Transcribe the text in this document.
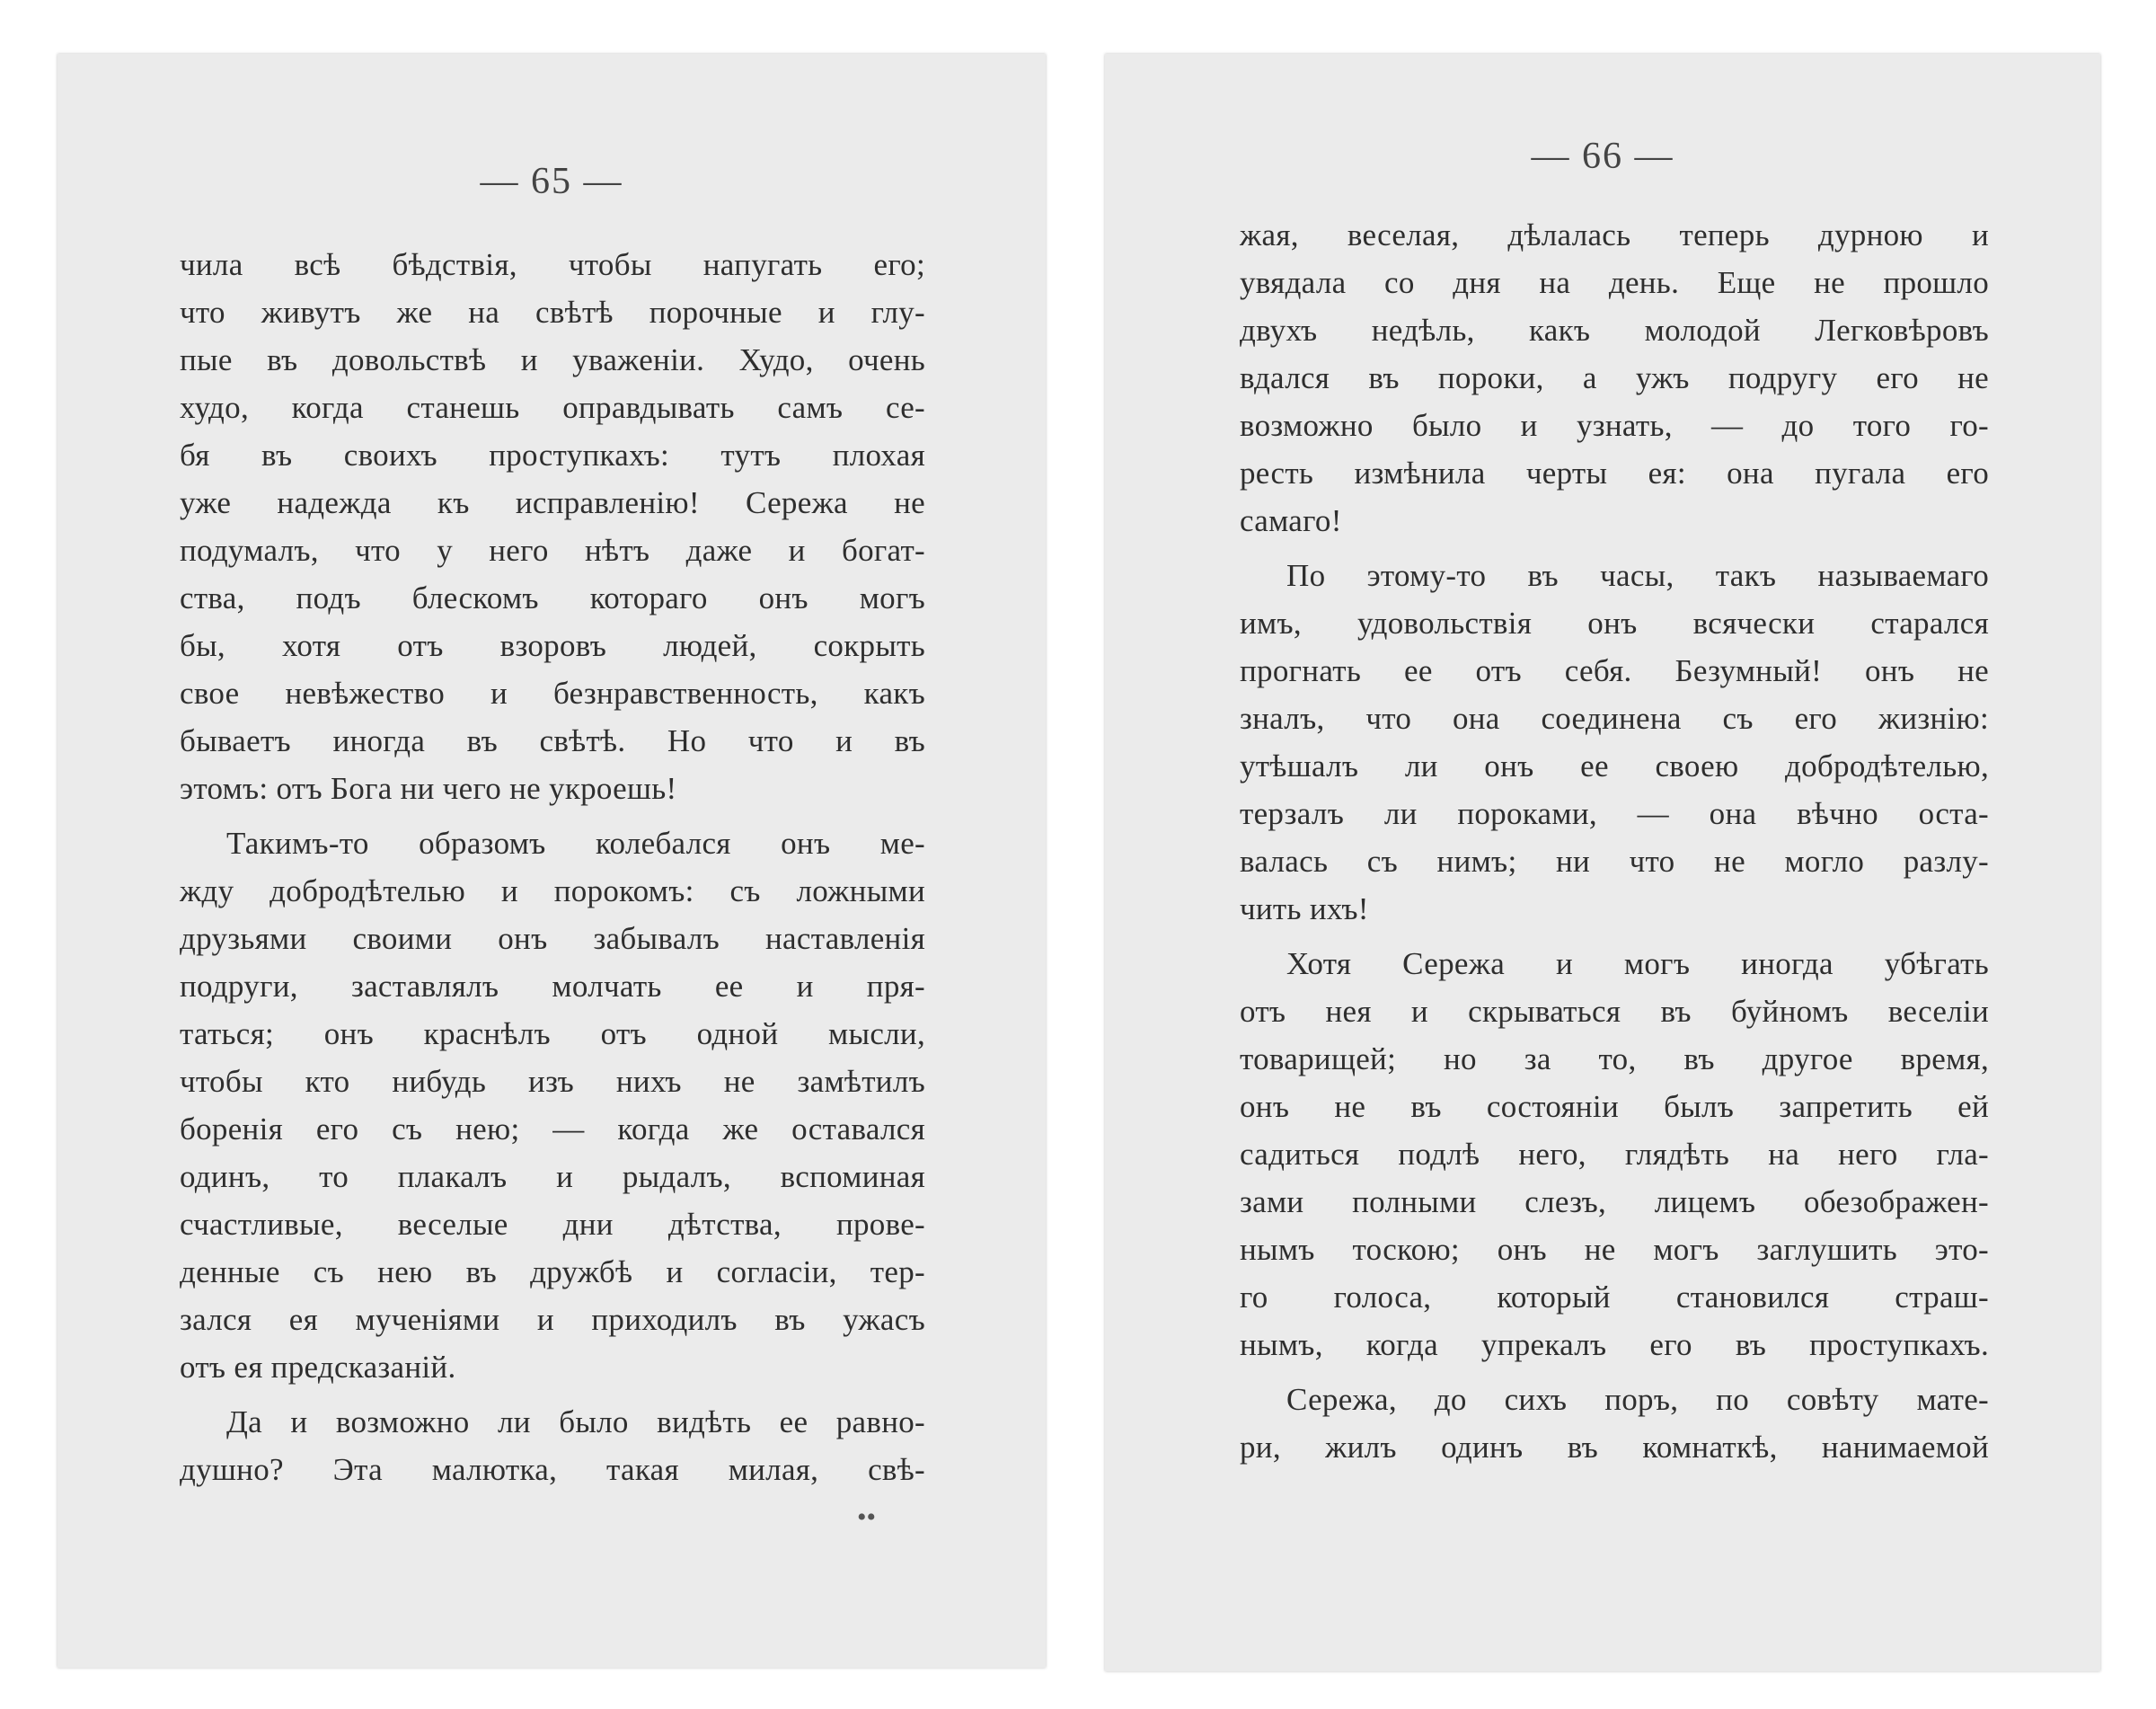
— 65 —
чила всѣ бѣдствія, чтобы напугать его;
что живутъ же на свѣтѣ порочные и глу-
пые въ довольствѣ и уваженіи. Худо, очень
худо, когда станешь оправдывать самъ се-
бя въ своихъ проступкахъ: тутъ плохая
уже надежда къ исправленію! Сережа не
подумалъ, что у него нѣтъ даже и богат-
ства, подъ блескомъ котораго онъ могъ
бы, хотя отъ взоровъ людей, сокрыть
свое невѣжество и безнравственность, какъ
бываетъ иногда въ свѣтѣ. Но что и въ
этомъ: отъ Бога ни чего не укроешь!
Такимъ-то образомъ колебался онъ ме-
жду добродѣтелью и порокомъ: съ ложными
друзьями своими онъ забывалъ наставленія
подруги, заставлялъ молчать ее и пря-
таться; онъ краснѣлъ отъ одной мысли,
чтобы кто нибудь изъ нихъ не замѣтилъ
боренія его съ нею; — когда же оставался
одинъ, то плакалъ и рыдалъ, вспоминая
счастливые, веселые дни дѣтства, прове-
денные съ нею въ дружбѣ и согласіи, тер-
зался ея мученіями и приходилъ въ ужасъ
отъ ея предсказаній.
Да и возможно ли было видѣть ее равно-
душно? Эта малютка, такая милая, свѣ-
••
— 66 —
жая, веселая, дѣлалась теперь дурною и
увядала со дня на день. Еще не прошло
двухъ недѣль, какъ молодой Легковѣровъ
вдался въ пороки, а ужъ подругу его не
возможно было и узнать, — до того го-
ресть измѣнила черты ея: она пугала его
самаго!
По этому-то въ часы, такъ называемаго
имъ, удовольствія онъ всячески старался
прогнать ее отъ себя. Безумный! онъ не
зналъ, что она соединена съ его жизнію:
утѣшалъ ли онъ ее своею добродѣтелью,
терзалъ ли пороками, — она вѣчно оста-
валась съ нимъ; ни что не могло разлу-
чить ихъ!
Хотя Сережа и могъ иногда убѣгать
отъ нея и скрываться въ буйномъ веселіи
товарищей; но за то, въ другое время,
онъ не въ состояніи былъ запретить ей
садиться подлѣ него, глядѣть на него гла-
зами полными слезъ, лицемъ обезображен-
нымъ тоскою; онъ не могъ заглушить это-
го голоса, который становился страш-
нымъ, когда упрекалъ его въ проступкахъ.
Сережа, до сихъ поръ, по совѣту мате-
ри, жилъ одинъ въ комнаткѣ, нанимаемой
